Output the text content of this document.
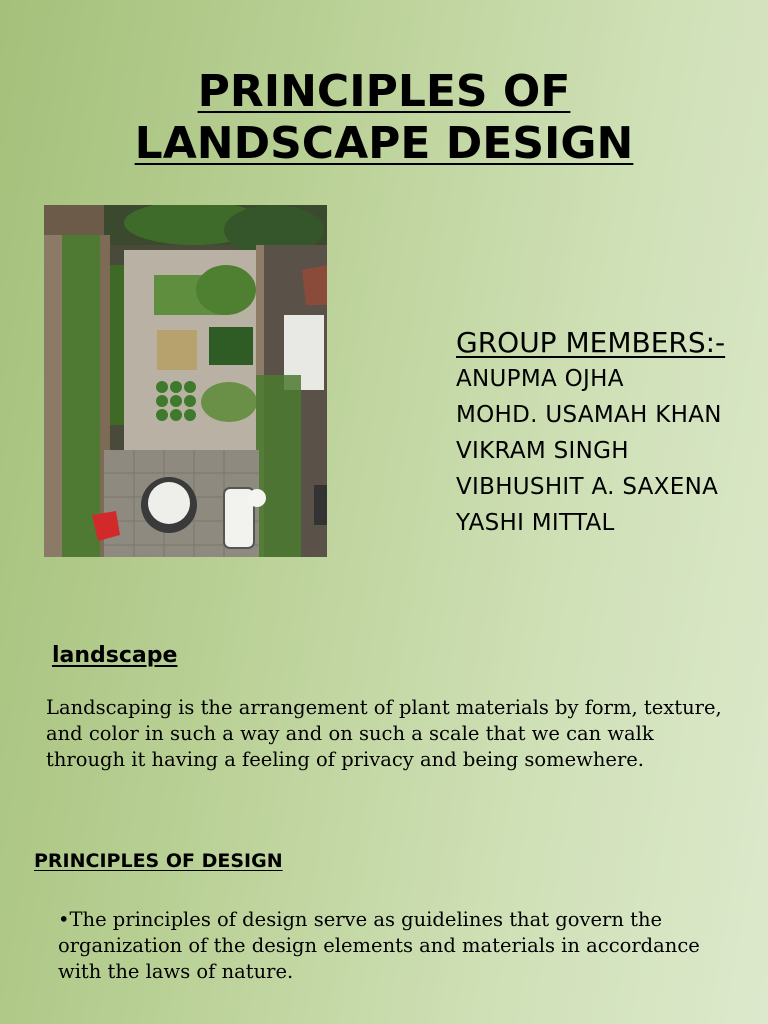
PRINCIPLES OF
LANDSCAPE DESIGN
GROUP MEMBERS:-
ANUPMA OJHA
MOHD. USAMAH KHAN
VIKRAM SINGH
VIBHUSHIT A. SAXENA
YASHI MITTAL
landscape
Landscaping is the arrangement of plant materials by form, texture, and color in such a way and on such a scale that we can walk through it having a feeling of privacy and being somewhere.
PRINCIPLES OF DESIGN
•The principles of design serve as guidelines that govern the organization of the design elements and materials in accordance with the laws of nature.
